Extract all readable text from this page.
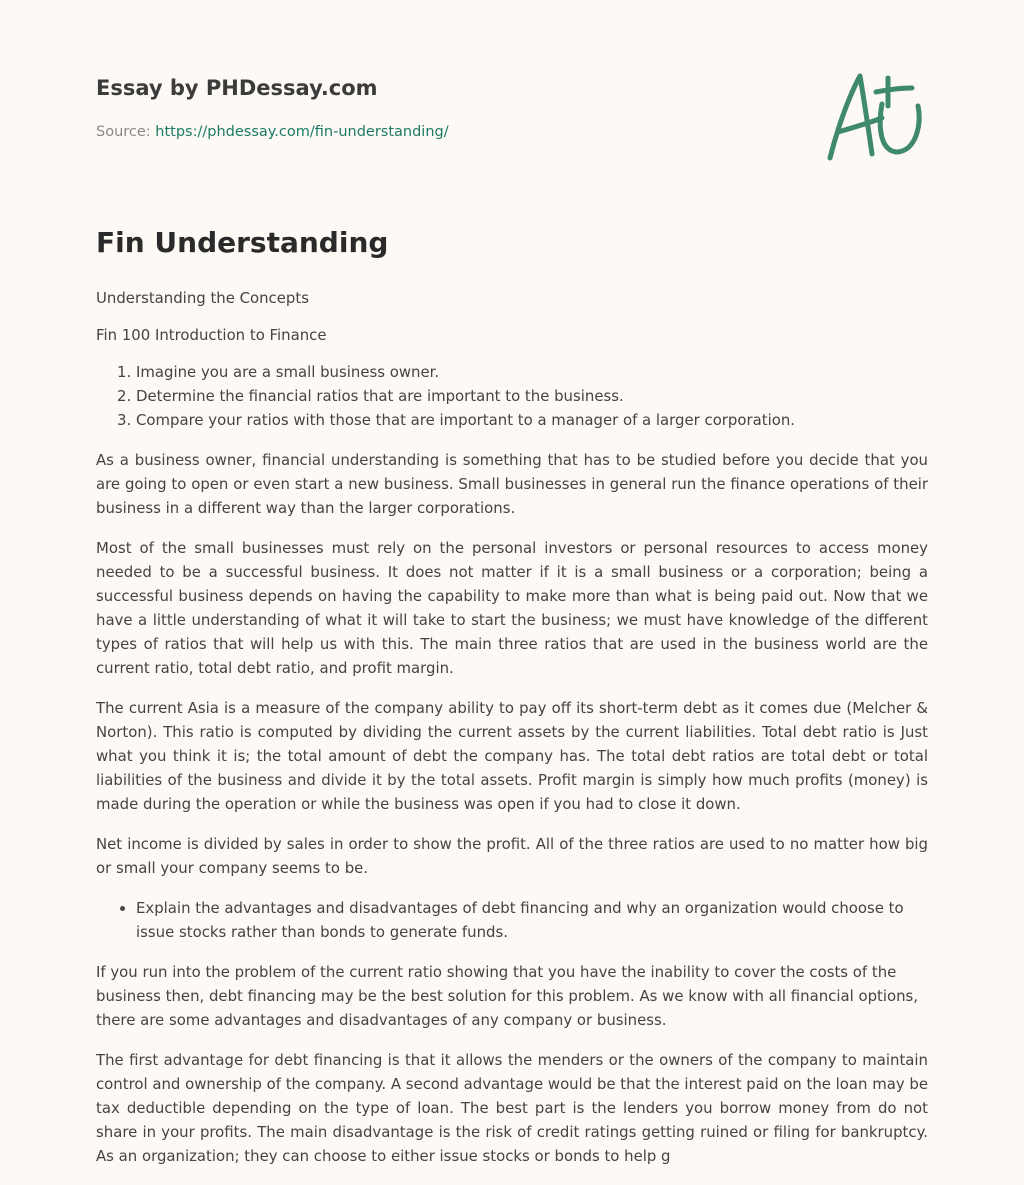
Essay by PHDessay.com
Source: https://phdessay.com/fin-understanding/
Fin Understanding

Understanding the Concepts

Fin 100 Introduction to Finance

1. Imagine you are a small business owner.
2. Determine the financial ratios that are important to the business.
3. Compare your ratios with those that are important to a manager of a larger corporation.

As a business owner, financial understanding is something that has to be studied before you decide that you are going to open or even start a new business. Small businesses in general run the finance operations of their business in a different way than the larger corporations.

Most of the small businesses must rely on the personal investors or personal resources to access money needed to be a successful business. It does not matter if it is a small business or a corporation; being a successful business depends on having the capability to make more than what is being paid out. Now that we have a little understanding of what it will take to start the business; we must have knowledge of the different types of ratios that will help us with this. The main three ratios that are used in the business world are the current ratio, total debt ratio, and profit margin.

The current Asia is a measure of the company ability to pay off its short-term debt as it comes due (Melcher & Norton). This ratio is computed by dividing the current assets by the current liabilities. Total debt ratio is Just what you think it is; the total amount of debt the company has. The total debt ratios are total debt or total liabilities of the business and divide it by the total assets. Profit margin is simply how much profits (money) is made during the operation or while the business was open if you had to close it down.

Net income is divided by sales in order to show the profit. All of the three ratios are used to no matter how big or small your company seems to be.

• Explain the advantages and disadvantages of debt financing and why an organization would choose to issue stocks rather than bonds to generate funds.

If you run into the problem of the current ratio showing that you have the inability to cover the costs of the business then, debt financing may be the best solution for this problem. As we know with all financial options, there are some advantages and disadvantages of any company or business.

The first advantage for debt financing is that it allows the menders or the owners of the company to maintain control and ownership of the company. A second advantage would be that the interest paid on the loan may be tax deductible depending on the type of loan. The best part is the lenders you borrow money from do not share in your profits. The main disadvantage is the risk of credit ratings getting ruined or filing for bankruptcy. As an organization; they can choose to either issue stocks or bonds to help g
